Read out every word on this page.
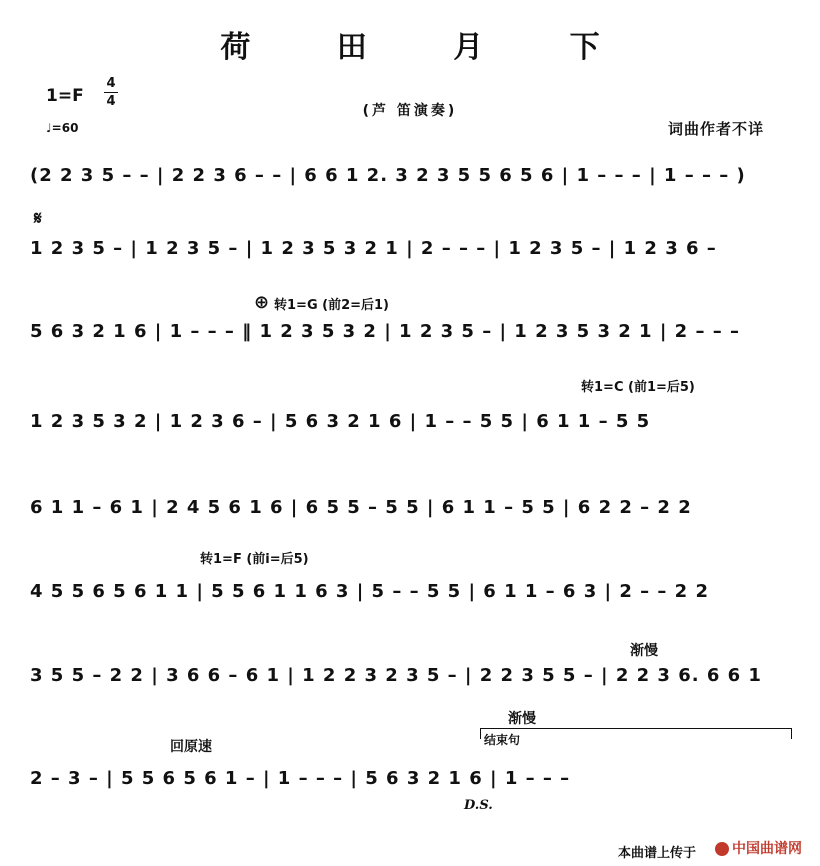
荷 田 月 下
1=F
4
4
(芦 笛演奏)
♩=60	词曲作者不详
𝄋
(2 2 3 5 – – | 2 2 3 6 – – | 6 6 1 2. 3 2 3 5 5 6 5 6 | 1 – – – | 1 – – – )
1 2 3 5 – | 1 2 3 5 – | 1 2 3 5 3 2 1 | 2 – – – | 1 2 3 5 – | 1 2 3 6 –
⊕ 转1=G (前2=后1)
5 6 3 2 1 6 | 1 – – – ‖ 1 2 3 5 3 2 | 1 2 3 5 – | 1 2 3 5 3 2 1 | 2 – – –
转1=C (前1=后5)
1 2 3 5 3 2 | 1 2 3 6 – | 5 6 3 2 1 6 | 1 – – 5 5 | 6 1 1 – 5 5
6 1 1 – 6 1 | 2 4 5 6 1 6 | 6 5 5 – 5 5 | 6 1 1 – 5 5 | 6 2 2 – 2 2
转1=F (前i=后5)
4 5 5 6 5 6 1 1 | 5 5 6 1 1 6 3 | 5 – – 5 5 | 6 1 1 – 6 3 | 2 – – 2 2
渐慢
3 5 5 – 2 2 | 3 6 6 – 6 1 | 1 2 2 3 2 3 5 – | 2 2 3 5 5 – | 2 2 3 6. 6 6 1
渐慢
结束句
回原速
2 – 3 – | 5 5 6 5 6 1 – | 1 – – – | 5 6 3 2 1 6 | 1 – – –
D.S.
本曲谱上传于	中国曲谱网
